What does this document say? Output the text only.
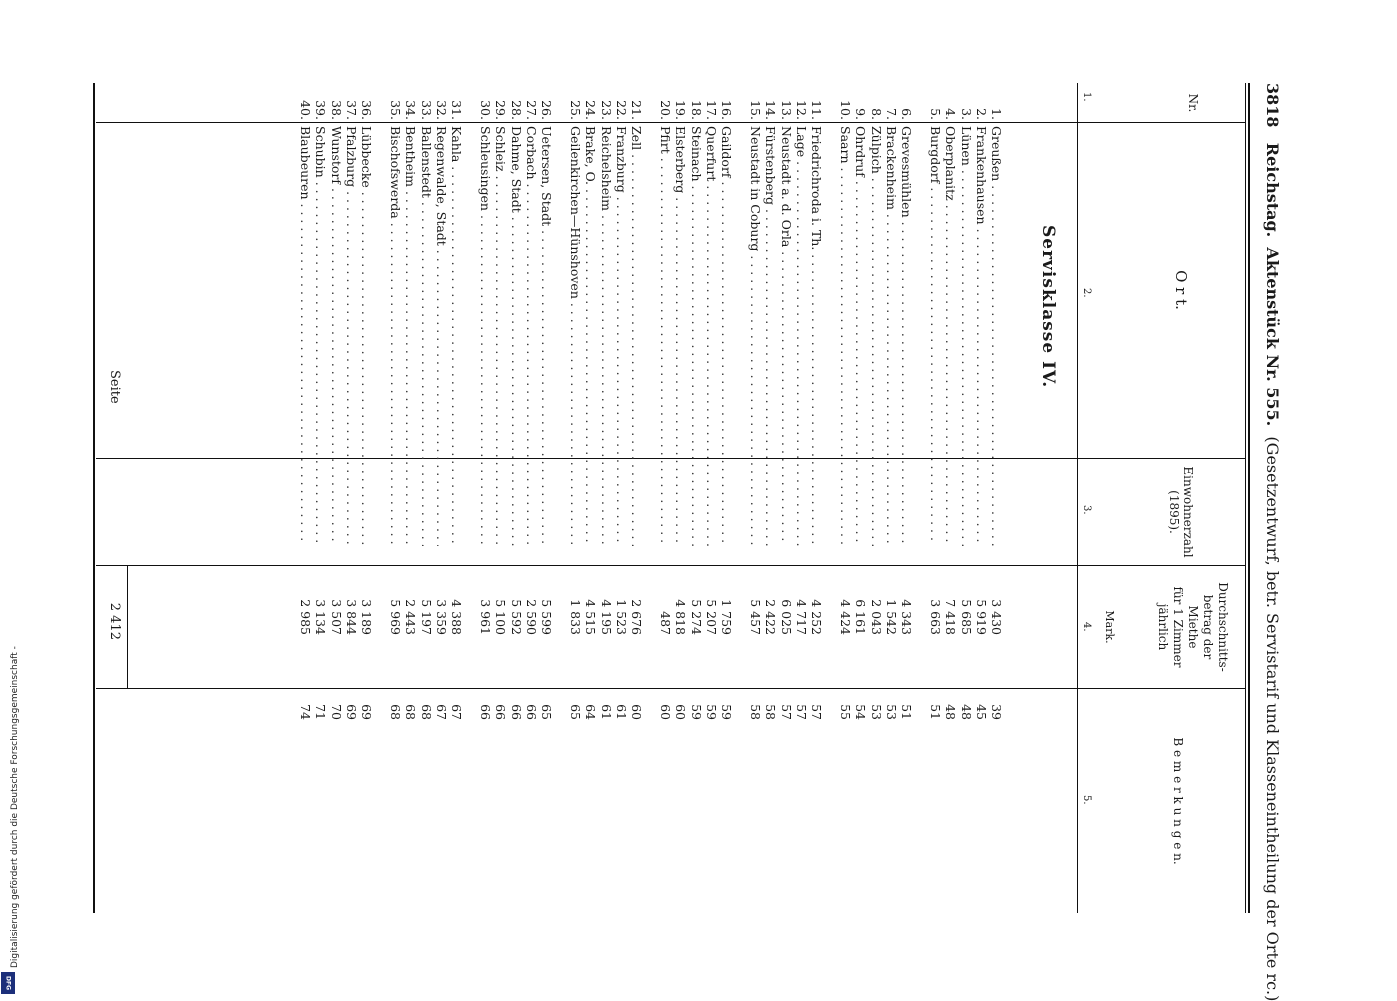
Digitalisierung gefördert durch die Deutsche Forschungsgemeinschaft -
DFG
3818   Reichstag.  Aktenstück Nr. 555.  (Gesetzentwurf, betr. Servistarif und Klasseneintheilung der Orte rc.)
Nr.
O r t.
Einwohnerzahl (1895).
Durchschnitts-
betrag der
Miethe
für 1 Zimmer
jährlich
Mark.
B e m e r k u n g e n.
1.
2.
3.
4.
5.
Servisklasse IV.
1.
Greußen . . .
3 430
39
2.
Frankenhausen . . .
5 919
45
3.
Lünen . . .
5 685
48
4.
Oberplanitz . . .
7 418
48
5.
Burgdorf . . .
3 663
51
6.
Grevesmühlen . . .
4 343
51
7.
Brackenheim . . .
1 542
53
8.
Zülpich . . .
2 043
53
9.
Ohrdruf . . .
6 161
54
10.
Saarn . . .
4 424
55
11.
Friedrichroda i. Th. . . .
4 252
57
12.
Lage . . .
4 717
57
13.
Neustadt a. d. Orla . . .
6 025
57
14.
Fürstenberg . . .
2 422
58
15.
Neustadt in Coburg . . .
5 457
58
16.
Gaildorf . . .
1 759
59
17.
Querfurt . . .
5 207
59
18.
Steinach . . .
5 274
59
19.
Elsterberg . . .
4 818
60
20.
Pfirt . . .
487
60
21.
Zell . . .
2 676
60
22.
Franzburg . . .
1 523
61
23.
Reichelsheim . . .
4 195
61
24.
Brake, O. . . .
4 515
64
25.
Geilenkirchen—Hünshoven . . .
1 833
65
26.
Uetersen, Stadt . . .
5 599
65
27.
Corbach . . .
2 590
66
28.
Dahme, Stadt . . .
5 592
66
29.
Schleiz . . .
5 100
66
30.
Schleusingen . . .
3 961
66
31.
Kahla . . .
4 388
67
32.
Regenwalde, Stadt . . .
3 359
67
33.
Ballenstedt . . .
5 197
68
34.
Bentheim . . .
2 443
68
35.
Bischofswerda . . .
5 969
68
36.
Lübbecke . . .
3 189
69
37.
Pfalzburg . . .
3 844
69
38.
Wunstorf . . .
3 507
70
39.
Schubin . . .
3 134
71
40.
Blaubeuren . . .
2 985
74
Seite
2 412
